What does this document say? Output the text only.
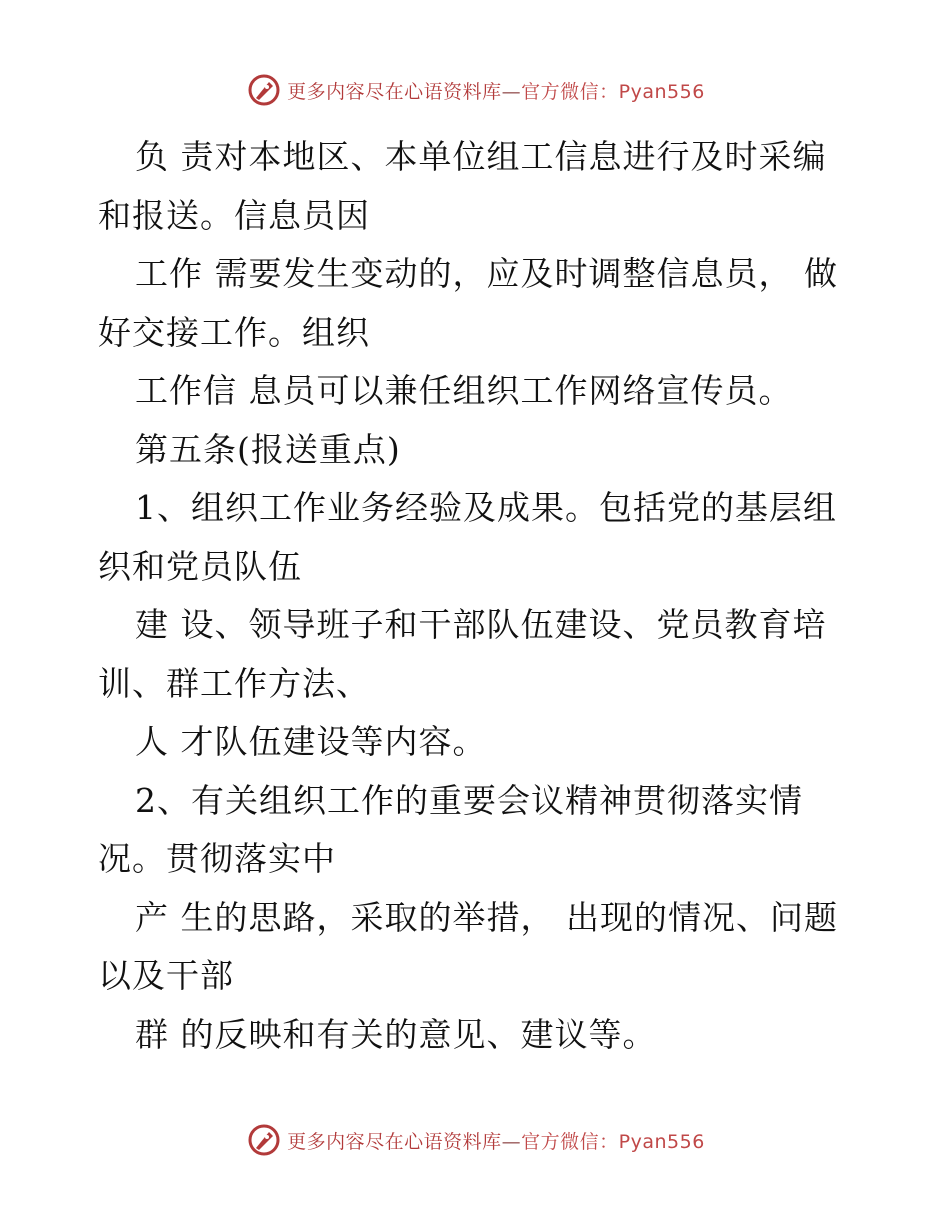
更多内容尽在心语资料库—官方微信：Pyan556
负 责对本地区、本单位组工信息进行及时采编
和报送。信息员因
工作 需要发生变动的，应及时调整信息员， 做
好交接工作。组织
工作信 息员可以兼任组织工作网络宣传员。
第五条(报送重点)
1、组织工作业务经验及成果。包括党的基层组
织和党员队伍
建 设、领导班子和干部队伍建设、党员教育培
训、群工作方法、
人 才队伍建设等内容。
2、有关组织工作的重要会议精神贯彻落实情
况。贯彻落实中
产 生的思路，采取的举措， 出现的情况、问题
以及干部
群 的反映和有关的意见、建议等。
更多内容尽在心语资料库—官方微信：Pyan556
